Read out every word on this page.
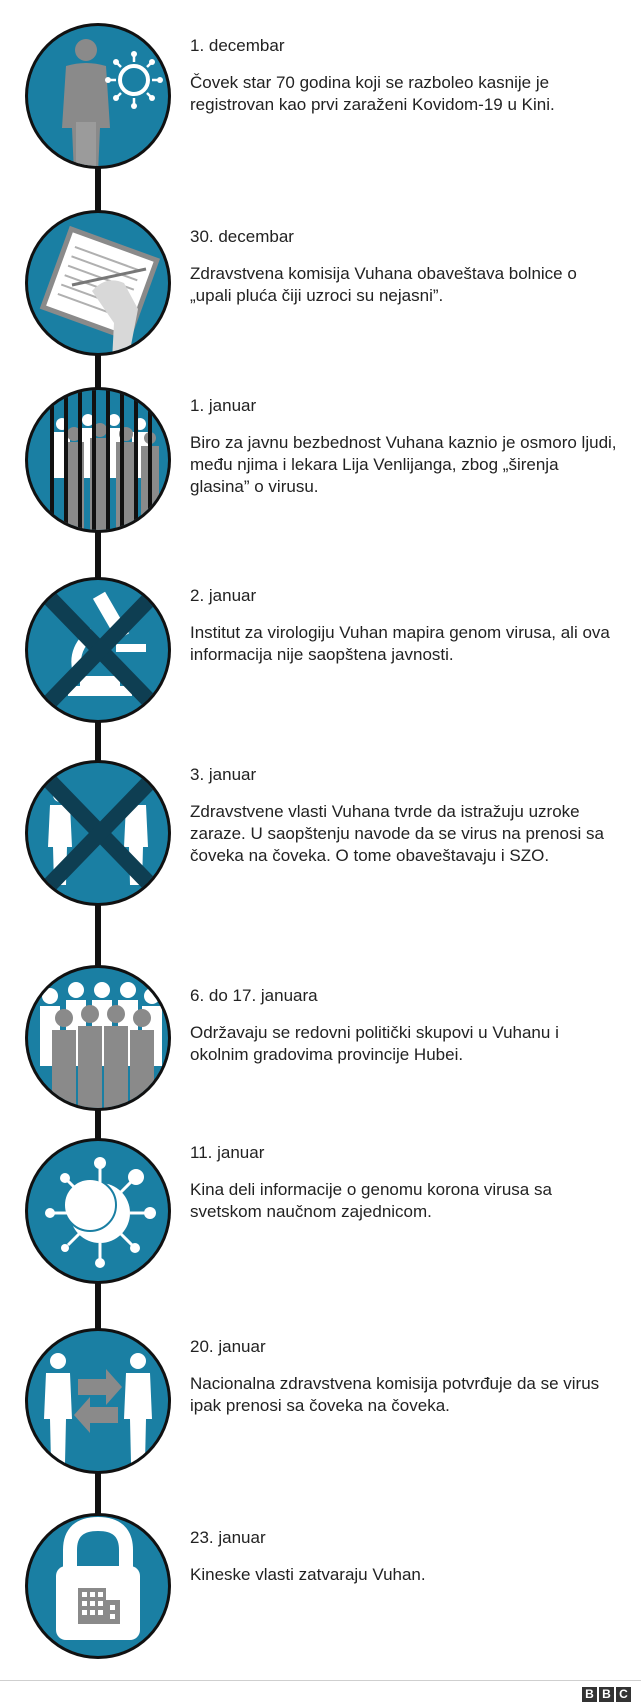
1. decembar
Čovek star 70 godina koji se razboleo kasnije je registrovan kao prvi zaraženi Kovidom-19 u Kini.
30. decembar
Zdravstvena komisija Vuhana obaveštava bolnice o „upali pluća čiji uzroci su nejasni”.
1. januar
Biro za javnu bezbednost Vuhana kaznio je osmoro ljudi, među njima i lekara Lija Venlijanga, zbog „širenja glasina” o virusu.
2. januar
Institut za virologiju Vuhan mapira genom virusa, ali ova informacija nije saopštena javnosti.
3. januar
Zdravstvene vlasti Vuhana tvrde da istražuju uzroke zaraze. U saopštenju navode da se virus na prenosi sa čoveka na čoveka. O tome obaveštavaju i SZO.
6. do 17. januara
Održavaju se redovni politički skupovi u Vuhanu i okolnim gradovima provincije Hubei.
11. januar
Kina deli informacije o genomu korona virusa sa svetskom naučnom zajednicom.
20. januar
Nacionalna zdravstvena komisija potvrđuje da se virus ipak prenosi sa čoveka na čoveka.
23. januar
Kineske vlasti zatvaraju Vuhan.
B B C
